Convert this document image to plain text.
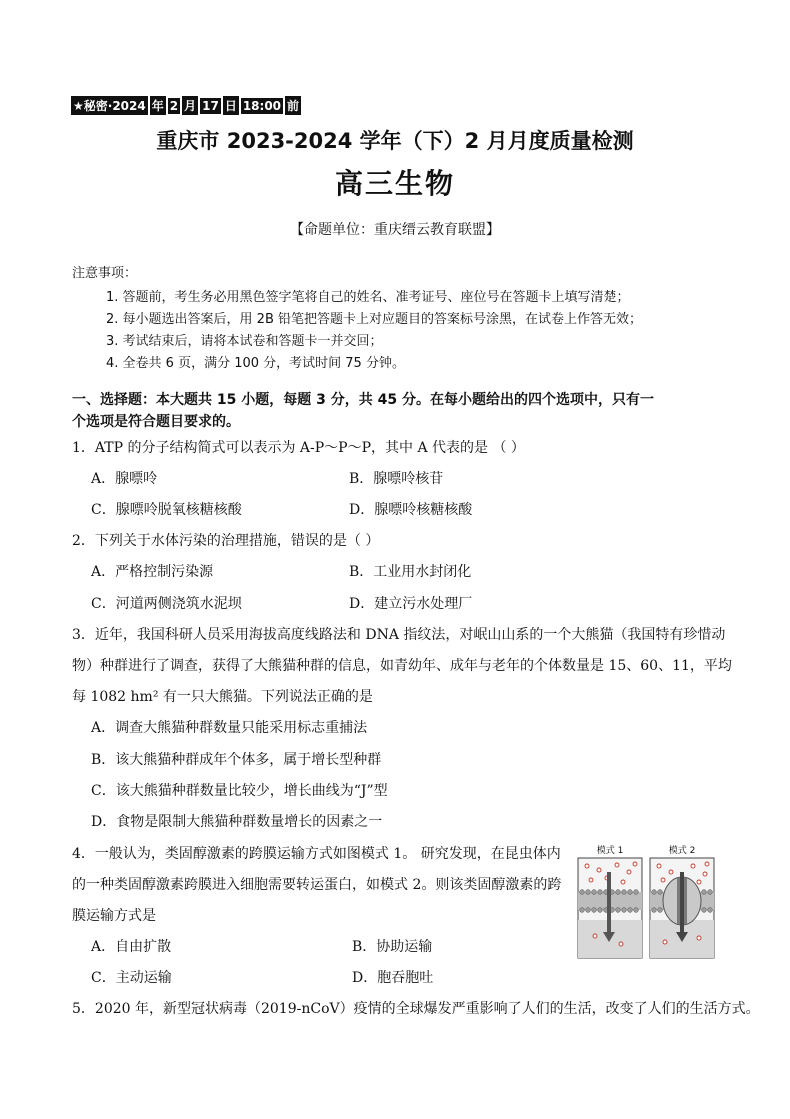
★秘密·2024 年 2 月 17 日 18:00 前
重庆市 2023-2024 学年（下）2 月月度质量检测
高三生物
【命题单位：重庆缙云教育联盟】
注意事项：
1. 答题前，考生务必用黑色签字笔将自己的姓名、准考证号、座位号在答题卡上填写清楚；
2. 每小题选出答案后，用 2B 铅笔把答题卡上对应题目的答案标号涂黑，在试卷上作答无效；
3. 考试结束后，请将本试卷和答题卡一并交回；
4. 全卷共 6 页，满分 100 分，考试时间 75 分钟。
一、选择题：本大题共 15 小题，每题 3 分，共 45 分。在每小题给出的四个选项中，只有一
个选项是符合题目要求的。
1．ATP 的分子结构简式可以表示为 A-P～P～P，其中 A 代表的是 （ ）
A．腺嘌呤	B．腺嘌呤核苷
C．腺嘌呤脱氧核糖核酸	D．腺嘌呤核糖核酸
2．下列关于水体污染的治理措施，错误的是（ ）
A．严格控制污染源	B．工业用水封闭化
C．河道两侧浇筑水泥坝	D．建立污水处理厂
3．近年，我国科研人员采用海拔高度线路法和 DNA 指纹法，对岷山山系的一个大熊猫（我国特有珍惜动
物）种群进行了调查，获得了大熊猫种群的信息，如青幼年、成年与老年的个体数量是 15、60、11，平均
每 1082 hm² 有一只大熊猫。下列说法正确的是
A．调查大熊猫种群数量只能采用标志重捕法
B．该大熊猫种群成年个体多，属于增长型种群
C．该大熊猫种群数量比较少，增长曲线为“J”型
D．食物是限制大熊猫种群数量增长的因素之一
4．一般认为，类固醇激素的跨膜运输方式如图模式 1。 研究发现，在昆虫体内
的一种类固醇激素跨膜进入细胞需要转运蛋白，如模式 2。则该类固醇激素的跨
膜运输方式是
A．自由扩散	B．协助运输
C．主动运输	D．胞吞胞吐
模式 1	模式 2
5．2020 年，新型冠状病毒（2019-nCoV）疫情的全球爆发严重影响了人们的生活，改变了人们的生活方式。
